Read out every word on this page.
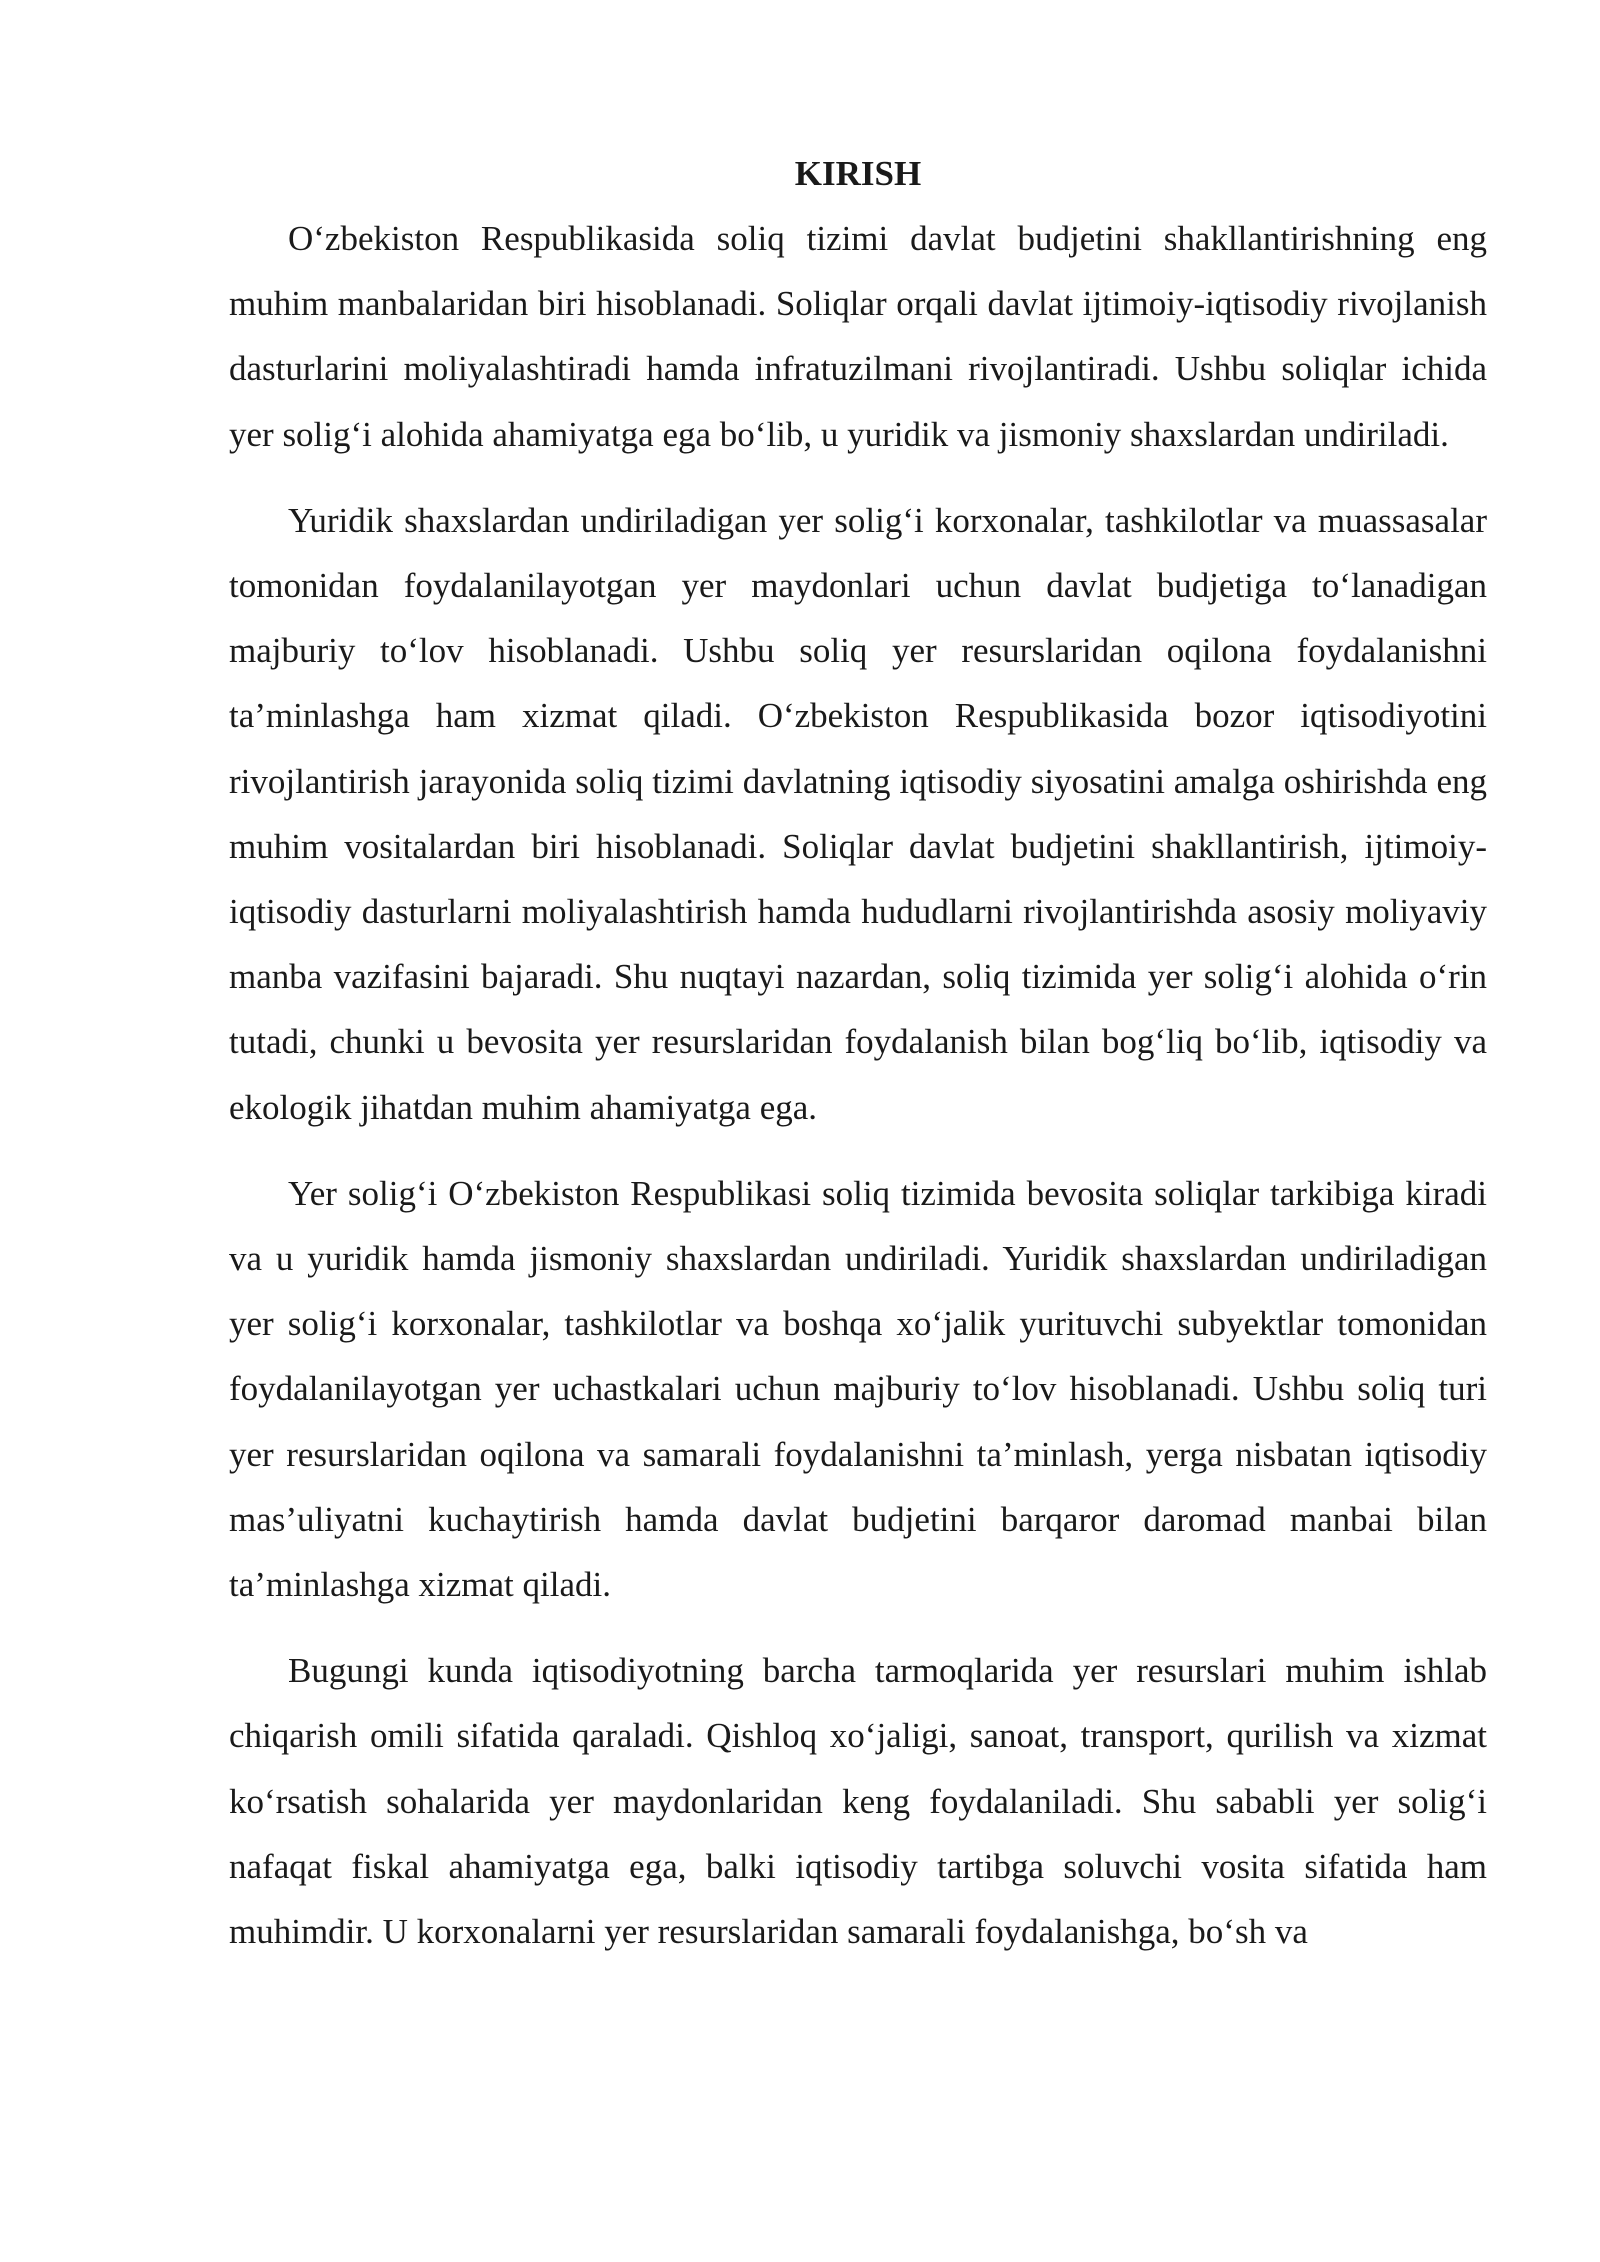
KIRISH

O‘zbekiston Respublikasida soliq tizimi davlat budjetini shakllantirishning eng muhim manbalaridan biri hisoblanadi. Soliqlar orqali davlat ijtimoiy-iqtisodiy rivojlanish dasturlarini moliyalashtiradi hamda infratuzilmani rivojlantiradi. Ushbu soliqlar ichida yer solig‘i alohida ahamiyatga ega bo‘lib, u yuridik va jismoniy shaxslardan undiriladi.

Yuridik shaxslardan undiriladigan yer solig‘i korxonalar, tashkilotlar va muassasalar tomonidan foydalanilayotgan yer maydonlari uchun davlat budjetiga to‘lanadigan majburiy to‘lov hisoblanadi. Ushbu soliq yer resurslaridan oqilona foydalanishni ta’minlashga ham xizmat qiladi. O‘zbekiston Respublikasida bozor iqtisodiyotini rivojlantirish jarayonida soliq tizimi davlatning iqtisodiy siyosatini amalga oshirishda eng muhim vositalardan biri hisoblanadi. Soliqlar davlat budjetini shakllantirish, ijtimoiy-iqtisodiy dasturlarni moliyalashtirish hamda hududlarni rivojlantirishda asosiy moliyaviy manba vazifasini bajaradi. Shu nuqtayi nazardan, soliq tizimida yer solig‘i alohida o‘rin tutadi, chunki u bevosita yer resurslaridan foydalanish bilan bog‘liq bo‘lib, iqtisodiy va ekologik jihatdan muhim ahamiyatga ega.

Yer solig‘i O‘zbekiston Respublikasi soliq tizimida bevosita soliqlar tarkibiga kiradi va u yuridik hamda jismoniy shaxslardan undiriladi. Yuridik shaxslardan undiriladigan yer solig‘i korxonalar, tashkilotlar va boshqa xo‘jalik yurituvchi subyektlar tomonidan foydalanilayotgan yer uchastkalari uchun majburiy to‘lov hisoblanadi. Ushbu soliq turi yer resurslaridan oqilona va samarali foydalanishni ta’minlash, yerga nisbatan iqtisodiy mas’uliyatni kuchaytirish hamda davlat budjetini barqaror daromad manbai bilan ta’minlashga xizmat qiladi.

Bugungi kunda iqtisodiyotning barcha tarmoqlarida yer resurslari muhim ishlab chiqarish omili sifatida qaraladi. Qishloq xo‘jaligi, sanoat, transport, qurilish va xizmat ko‘rsatish sohalarida yer maydonlaridan keng foydalaniladi. Shu sababli yer solig‘i nafaqat fiskal ahamiyatga ega, balki iqtisodiy tartibga soluvchi vosita sifatida ham muhimdir. U korxonalarni yer resurslaridan samarali foydalanishga, bo‘sh va
